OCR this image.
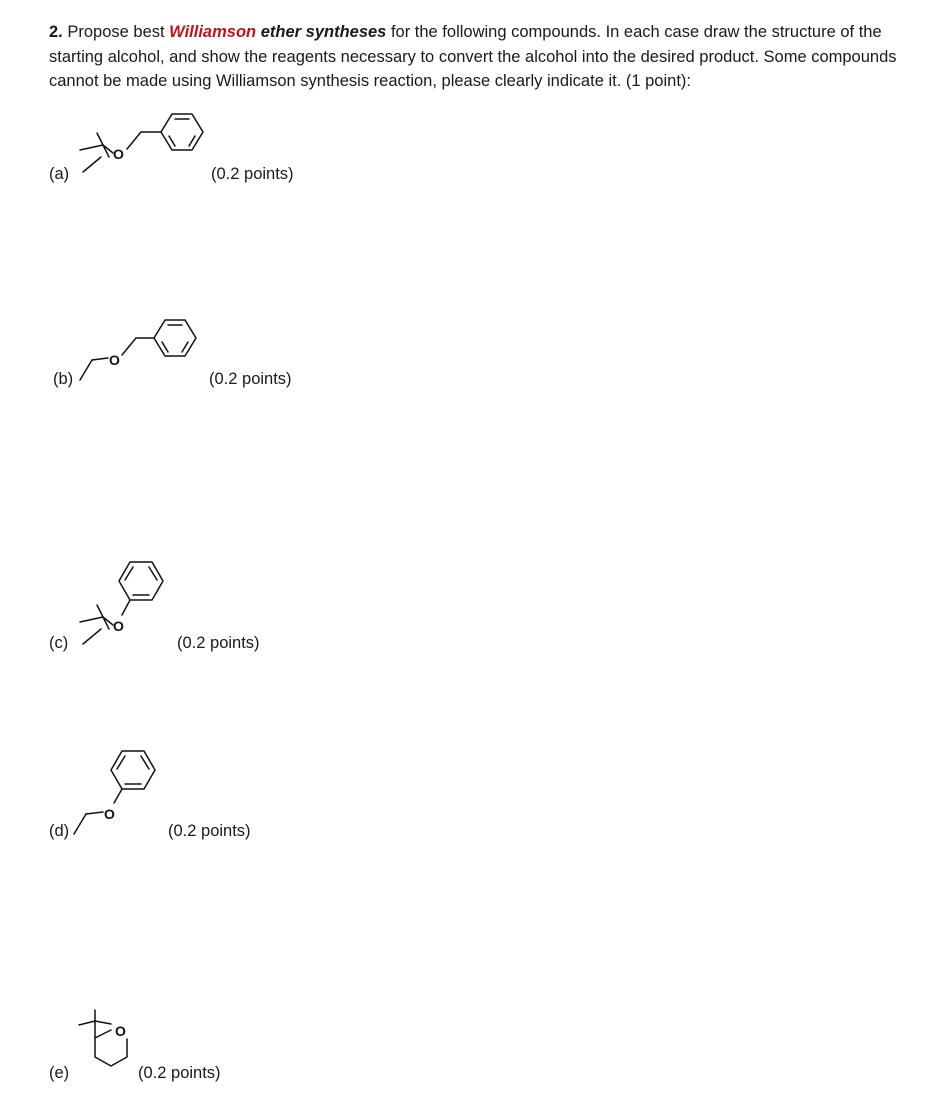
2. Propose best Williamson ether syntheses for the following compounds. In each case draw the structure of the starting alcohol, and show the reagents necessary to convert the alcohol into the desired product. Some compounds cannot be made using Williamson synthesis reaction, please clearly indicate it. (1 point):

(a)
O
(0.2 points)
(b)
O
(0.2 points)
(c)
O
(0.2 points)
(d)
O
(0.2 points)
(e)
O
(0.2 points)
